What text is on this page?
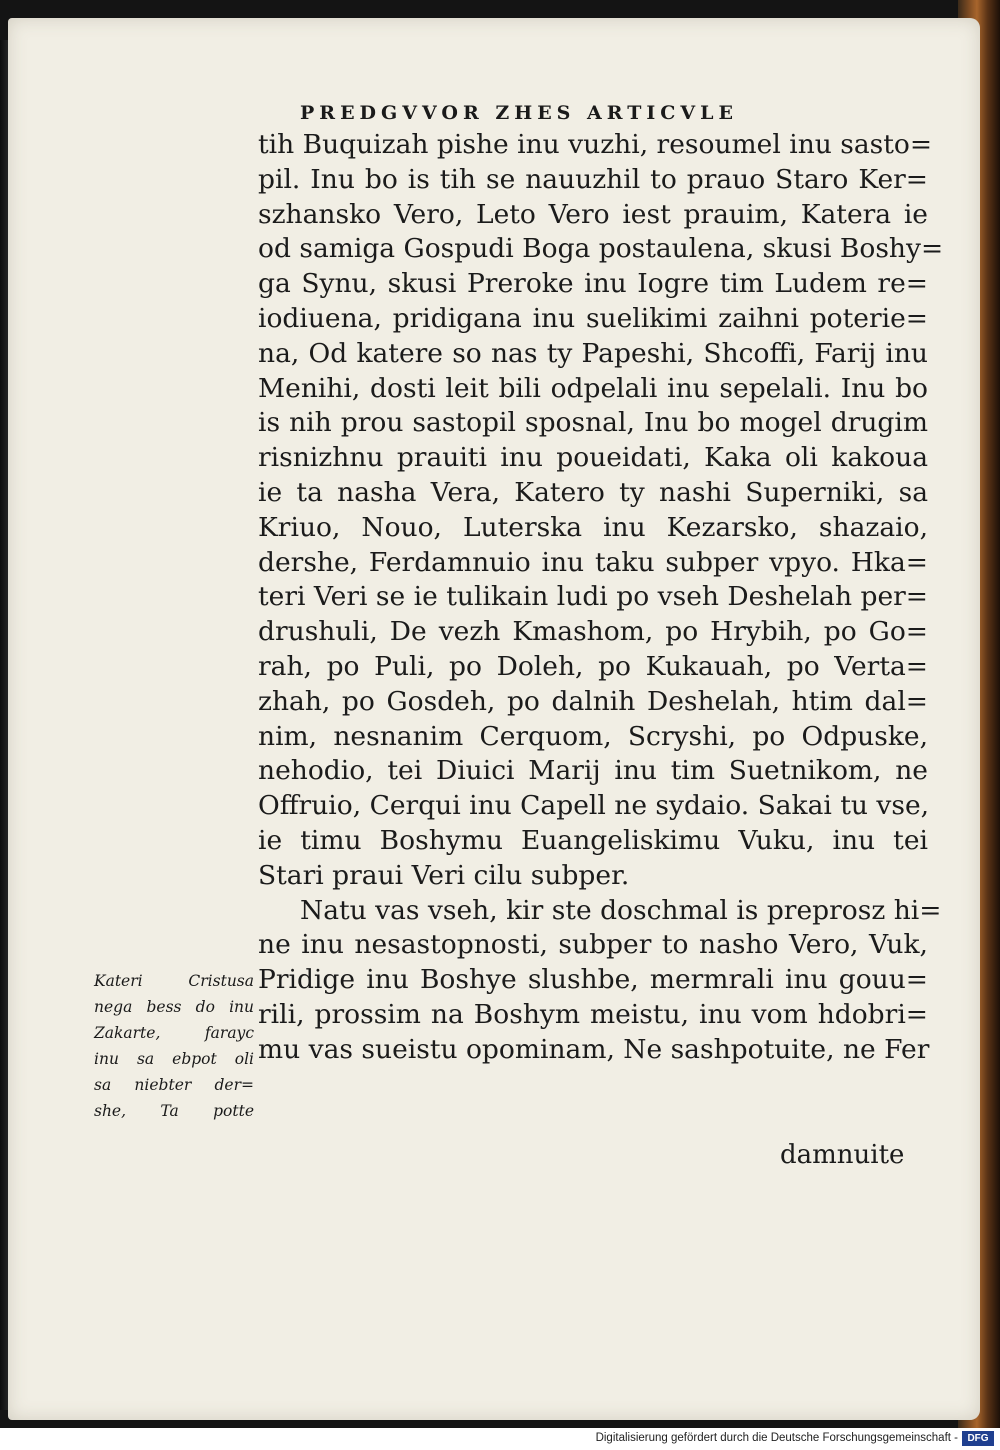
PREDGVVOR ZHES ARTICVLE
tih Buquizah pishe inu vuzhi, resoumel inu sasto=
pil. Inu bo is tih se nauuzhil to prauo Staro Ker=
szhansko Vero, Leto Vero iest prauim, Katera ie
od samiga Gospudi Boga postaulena, skusi Boshy=
ga Synu, skusi Preroke inu Iogre tim Ludem re=
iodiuena, pridigana inu suelikimi zaihni poterie=
na, Od katere so nas ty Papeshi, Shcoffi, Farij inu
Menihi, dosti leit bili odpelali inu sepelali. Inu bo
is nih prou sastopil sposnal, Inu bo mogel drugim
risnizhnu prauiti inu poueidati, Kaka oli kakoua
ie ta nasha Vera, Katero ty nashi Superniki, sa
Kriuo, Nouo, Luterska inu Kezarsko, shazaio,
dershe, Ferdamnuio inu taku subper vpyo. Hka=
teri Veri se ie tulikain ludi po vseh Deshelah per=
drushuli, De vezh Kmashom, po Hrybih, po Go=
rah, po Puli, po Doleh, po Kukauah, po Verta=
zhah, po Gosdeh, po dalnih Deshelah, htim dal=
nim, nesnanim Cerquom, Scryshi, po Odpuske,
nehodio, tei Diuici Marij inu tim Suetnikom, ne
Offruio, Cerqui inu Capell ne sydaio. Sakai tu vse,
ie timu Boshymu Euangeliskimu Vuku, inu tei
Stari praui Veri cilu subper.
Natu vas vseh, kir ste doschmal is preprosz hi=
ne inu nesastopnosti, subper to nasho Vero, Vuk,
Pridige inu Boshye slushbe, mermrali inu gouu=
rili, prossim na Boshym meistu, inu vom hdobri=
mu vas sueistu opominam, Ne sashpotuite, ne Fer
damnuite
Kateri Cristusa
nega bess do inu
Zakarte, farayc
inu sa ebpot oli
sa niebter der=
she, Ta potte
Digitalisierung gefördert durch die Deutsche Forschungsgemeinschaft - DFG
